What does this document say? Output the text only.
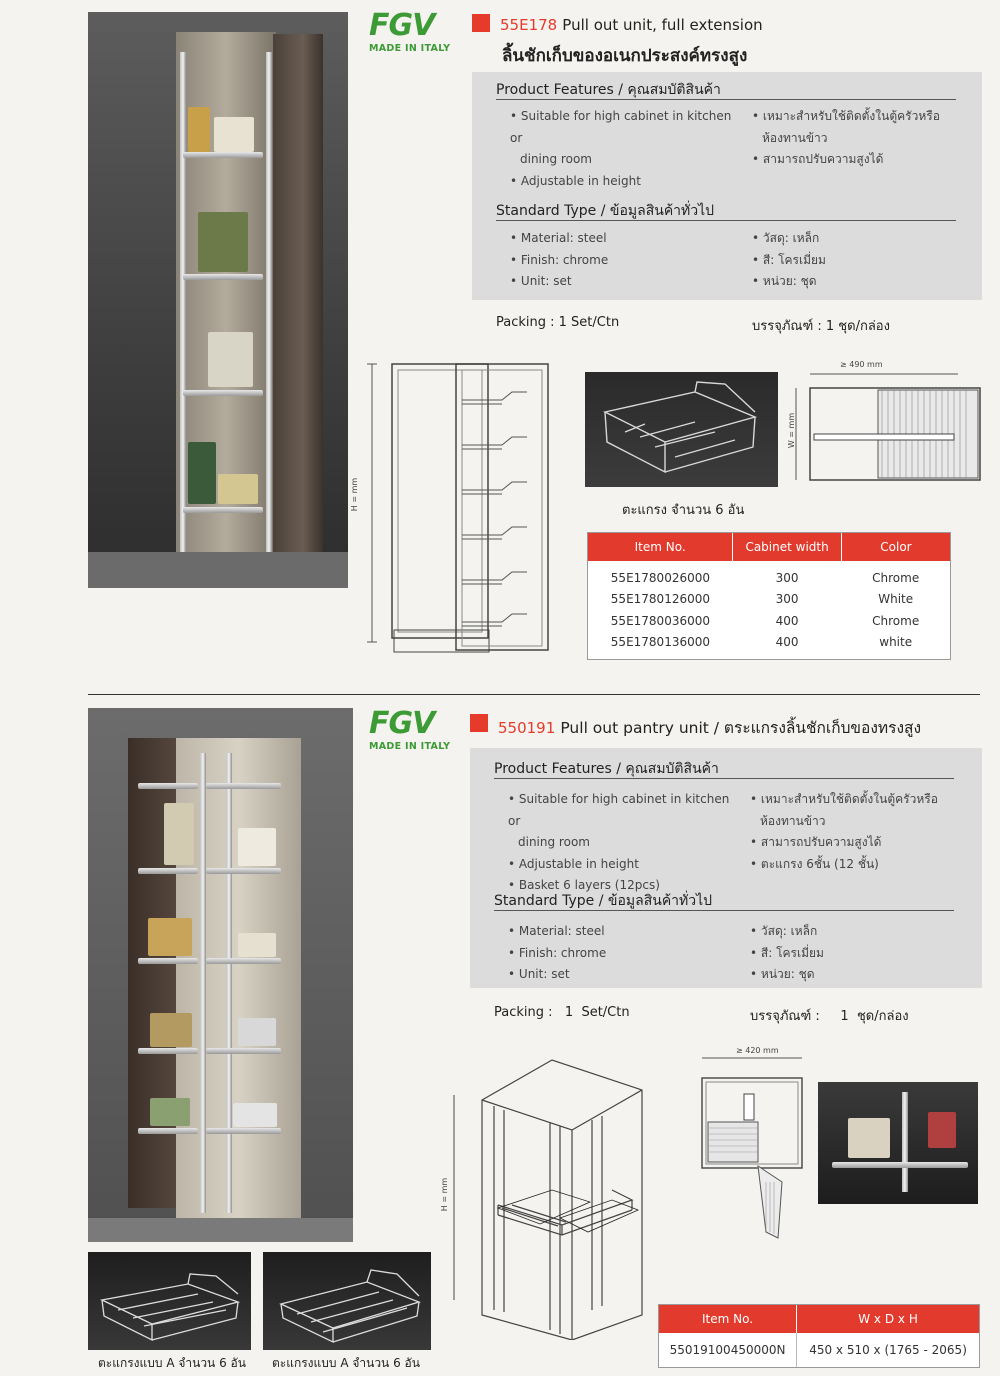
FGV
MADE IN ITALY
55E178 Pull out unit, full extension
ลิ้นชักเก็บของอเนกประสงค์ทรงสูง
Product Features / คุณสมบัติสินค้า
• Suitable for high cabinet in kitchen or
dining room
• Adjustable in height
• เหมาะสำหรับใช้ติดตั้งในตู้ครัวหรือ
ห้องทานข้าว
• สามารถปรับความสูงได้
Standard Type / ข้อมูลสินค้าทั่วไป
• Material: steel
• Finish: chrome
• Unit: set
• วัสดุ: เหล็ก
• สี: โครเมี่ยม
• หน่วย: ชุด
Packing : 1 Set/Ctn	บรรจุภัณฑ์ : 1 ชุด/กล่อง
H = mm	ตะแกรง จำนวน 6 อัน
≥ 490 mm
W = mm
Item No.	Cabinet width	Color

55E1780026000	300	Chrome
55E1780126000	300	White
55E1780036000	400	Chrome
55E1780136000	400	white

ตะแกรงแบบ A จำนวน 6 อัน ตะแกรงแบบ A จำนวน 6 อัน
FGV
MADE IN ITALY
550191 Pull out pantry unit / ตระแกรงลิ้นชักเก็บของทรงสูง
Product Features / คุณสมบัติสินค้า
• Suitable for high cabinet in kitchen or
dining room
• Adjustable in height
• Basket 6 layers (12pcs)
• เหมาะสำหรับใช้ติดตั้งในตู้ครัวหรือ
ห้องทานข้าว
• สามารถปรับความสูงได้
• ตะแกรง 6ชั้น (12 ชั้น)
Standard Type / ข้อมูลสินค้าทั่วไป
• Material: steel
• Finish: chrome
• Unit: set
• วัสดุ: เหล็ก
• สี: โครเมี่ยม
• หน่วย: ชุด
Packing :   1  Set/Ctn	บรรจุภัณฑ์ :     1  ชุด/กล่อง
H = mm
≥ 420 mm
Item No.	W x D x H
55019100450000N	450 x 510 x (1765 - 2065)
